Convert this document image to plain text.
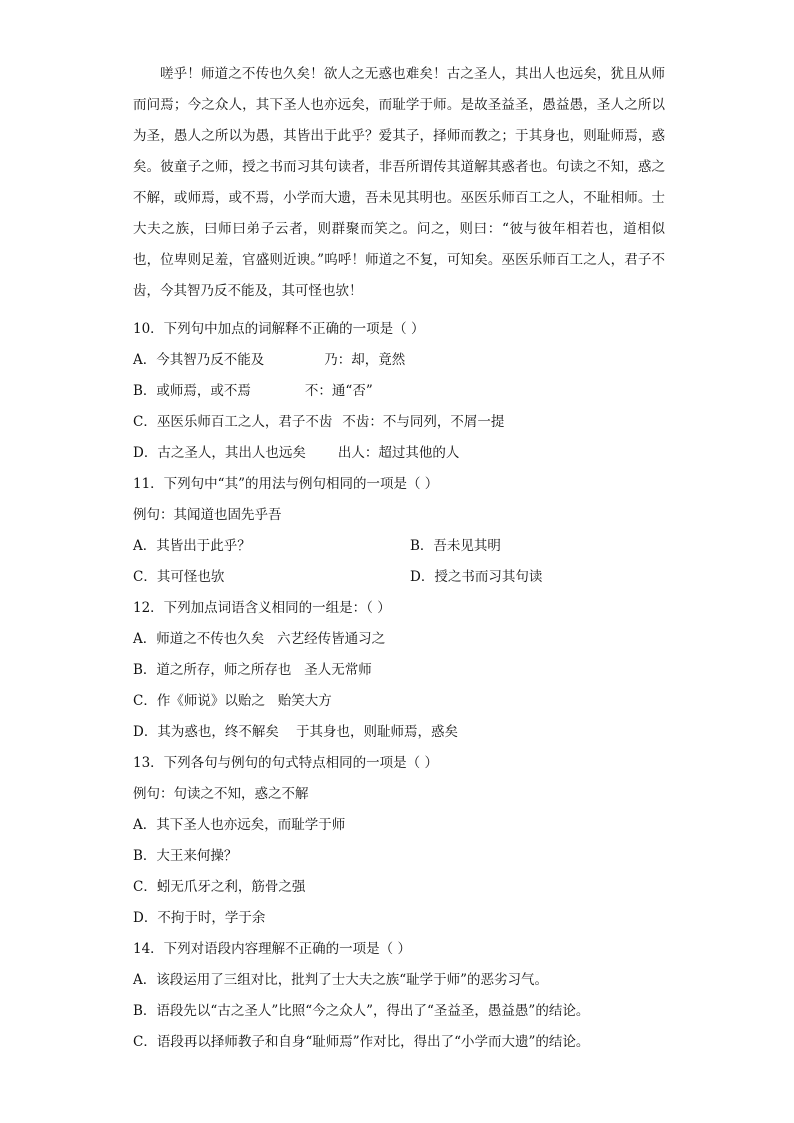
嗟乎！师道之不传也久矣！欲人之无惑也难矣！古之圣人，其出人也远矣，犹且从师而问焉；今之众人，其下圣人也亦远矣，而耻学于师。是故圣益圣，愚益愚，圣人之所以为圣，愚人之所以为愚，其皆出于此乎？爱其子，择师而教之；于其身也，则耻师焉，惑矣。彼童子之师，授之书而习其句读者，非吾所谓传其道解其惑者也。句读之不知，惑之不解，或师焉，或不焉，小学而大遗，吾未见其明也。巫医乐师百工之人，不耻相师。士大夫之族，曰师曰弟子云者，则群聚而笑之。问之，则曰：“彼与彼年相若也，道相似也，位卑则足羞，官盛则近谀。”呜呼！师道之不复，可知矣。巫医乐师百工之人，君子不齿，今其智乃反不能及，其可怪也欤！

10．下列句中加点的词解释不正确的一项是（ ）
A．今其智乃反不能及	乃：却，竟然
B．或师焉，或不焉	不：通“否”
C．巫医乐师百工之人，君子不齿 不齿：不与同列，不屑一提
D．古之圣人，其出人也远矣 出人：超过其他的人
11．下列句中“其”的用法与例句相同的一项是（ ）
例句：其闻道也固先乎吾
A．其皆出于此乎？	B．吾未见其明
C．其可怪也欤	D．授之书而习其句读
12．下列加点词语含义相同的一组是：（ ）
A．师道之不传也久矣 六艺经传皆通习之
B．道之所存，师之所存也 圣人无常师
C．作《师说》以贻之 贻笑大方
D．其为惑也，终不解矣 于其身也，则耻师焉，惑矣
13．下列各句与例句的句式特点相同的一项是（ ）
例句：句读之不知，惑之不解
A．其下圣人也亦远矣，而耻学于师
B．大王来何操？
C．蚓无爪牙之利，筋骨之强
D．不拘于时，学于余
14．下列对语段内容理解不正确的一项是（ ）
A．该段运用了三组对比，批判了士大夫之族“耻学于师”的恶劣习气。
B．语段先以“古之圣人”比照“今之众人”，得出了“圣益圣，愚益愚”的结论。
C．语段再以择师教子和自身“耻师焉”作对比，得出了“小学而大遗”的结论。
